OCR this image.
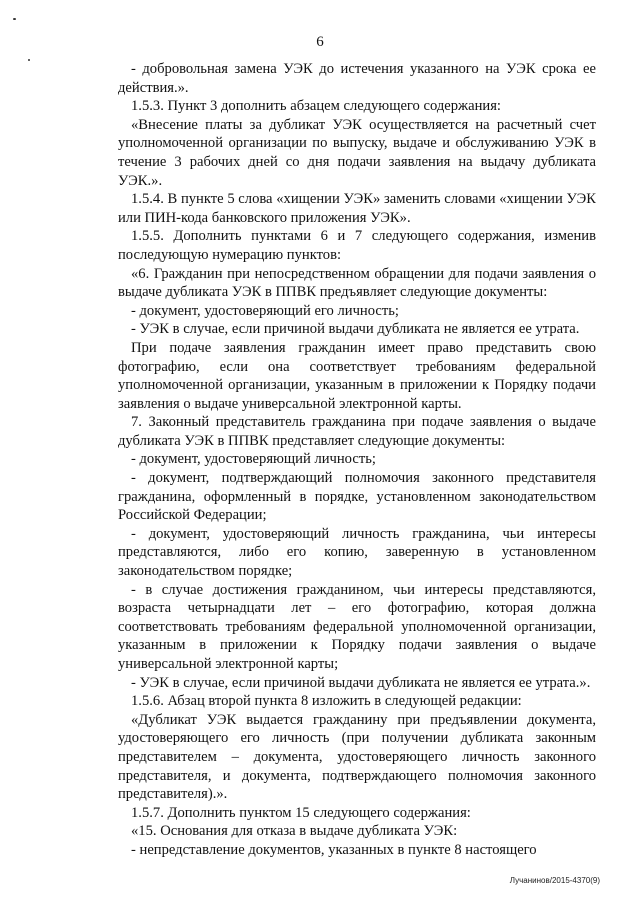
6

- добровольная замена УЭК до истечения указанного на УЭК срока ее действия.».

1.5.3. Пункт 3 дополнить абзацем следующего содержания:

«Внесение платы за дубликат УЭК осуществляется на расчетный счет уполномоченной организации по выпуску, выдаче и обслуживанию УЭК в течение 3 рабочих дней со дня подачи заявления на выдачу дубликата УЭК.».

1.5.4. В пункте 5 слова «хищении УЭК» заменить словами «хищении УЭК или ПИН-кода банковского приложения УЭК».

1.5.5. Дополнить пунктами 6 и 7 следующего содержания, изменив последующую нумерацию пунктов:

«6. Гражданин при непосредственном обращении для подачи заявления о выдаче дубликата УЭК в ППВК предъявляет следующие документы:

- документ, удостоверяющий его личность;

- УЭК в случае, если причиной выдачи дубликата не является ее утрата.

При подаче заявления гражданин имеет право представить свою фотографию, если она соответствует требованиям федеральной уполномоченной организации, указанным в приложении к Порядку подачи заявления о выдаче универсальной электронной карты.

7. Законный представитель гражданина при подаче заявления о выдаче дубликата УЭК в ППВК представляет следующие документы:

- документ, удостоверяющий личность;

- документ, подтверждающий полномочия законного представителя гражданина, оформленный в порядке, установленном законодательством Российской Федерации;

- документ, удостоверяющий личность гражданина, чьи интересы представляются, либо его копию, заверенную в установленном законодательством порядке;

- в случае достижения гражданином, чьи интересы представляются, возраста четырнадцати лет – его фотографию, которая должна соответствовать требованиям федеральной уполномоченной организации, указанным в приложении к Порядку подачи заявления о выдаче универсальной электронной карты;

- УЭК в случае, если причиной выдачи дубликата не является ее утрата.».

1.5.6. Абзац второй пункта 8 изложить в следующей редакции:

«Дубликат УЭК выдается гражданину при предъявлении документа, удостоверяющего его личность (при получении дубликата законным представителем – документа, удостоверяющего личность законного представителя, и документа, подтверждающего полномочия законного представителя).».

1.5.7. Дополнить пунктом 15 следующего содержания:

«15. Основания для отказа в выдаче дубликата УЭК:

- непредставление документов, указанных в пункте 8 настоящего

Лучанинов/2015-4370(9)
